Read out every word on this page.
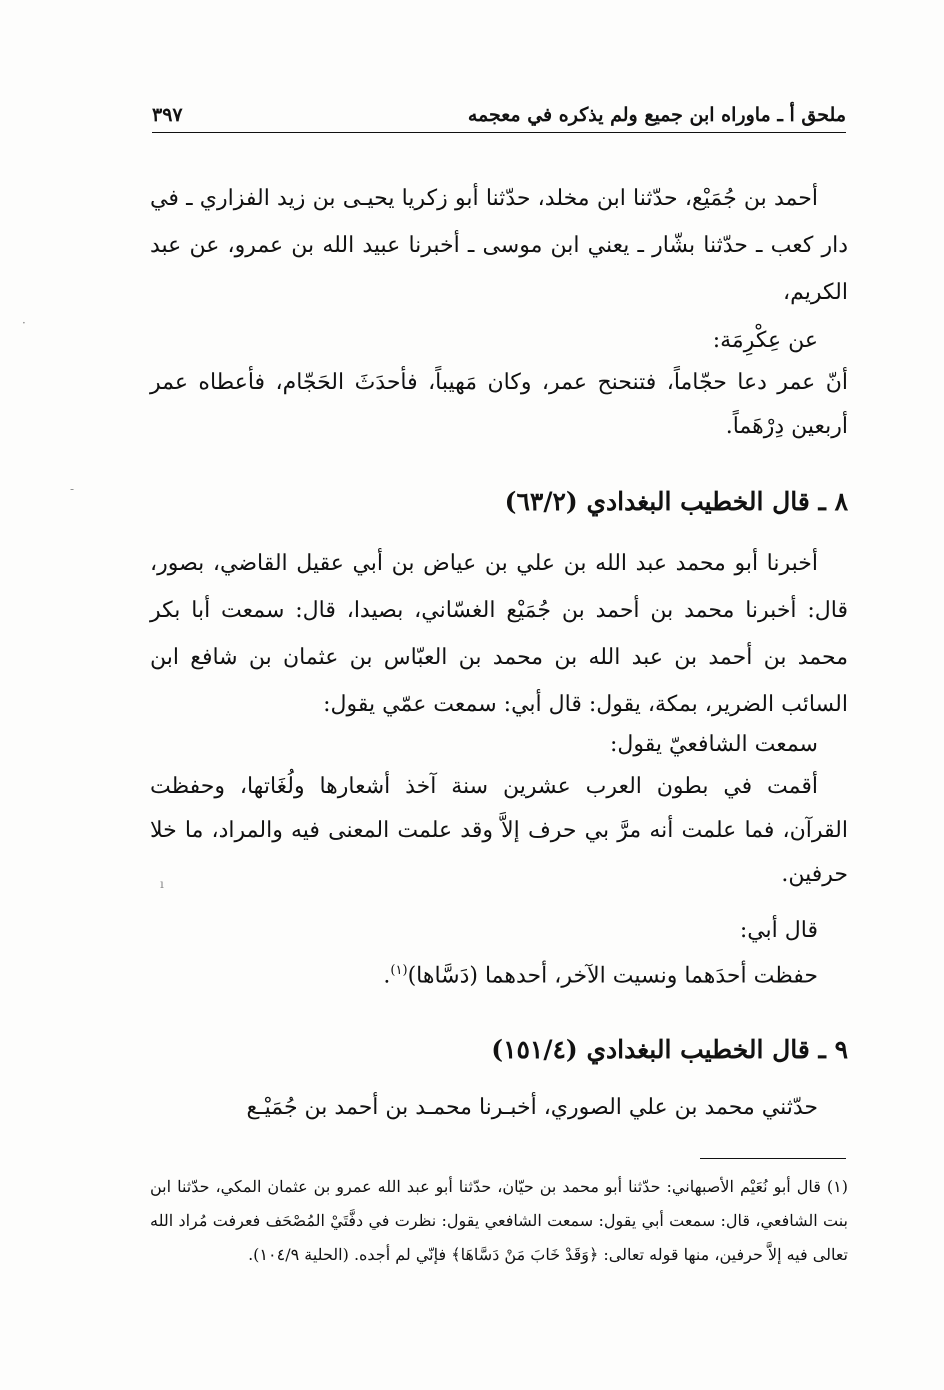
ملحق أ ـ ماوراه ابن جميع ولم يذكره في معجمه
٣٩٧

أحمد بن جُمَيْع، حدّثنا ابن مخلد، حدّثنا أبو زكريا يحيـى بن زيد الفزاري ـ في دار كعب ـ حدّثنا بشّار ـ يعني ابن موسى ـ أخبرنا عبيد الله بن عمرو، عن عبد الكريم،

عن عِكْرِمَة:

أنّ عمر دعا حجّاماً، فتنحنح عمر، وكان مَهيباً، فأحدَثَ الحَجّام، فأعطاه عمر أربعين دِرْهَماً.

٨ ـ قال الخطيب البغدادي (٦٣/٢)

أخبرنا أبو محمد عبد الله بن علي بن عياض بن أبي عقيل القاضي، بصور، قال: أخبرنا محمد بن أحمد بن جُمَيْع الغسّاني، بصيدا، قال: سمعت أبا بكر محمد بن أحمد بن عبد الله بن محمد بن العبّاس بن عثمان بن شافع ابن السائب الضرير، بمكة، يقول: قال أبي: سمعت عمّي يقول:

سمعت الشافعيّ يقول:

أقمت في بطون العرب عشرين سنة آخذ أشعارها ولُغَاتها، وحفظت القرآن، فما علمت أنه مرَّ بي حرف إلاَّ وقد علمت المعنى فيه والمراد، ما خلا حرفين.

قال أبي:

حفظت أحدَهما ونسيت الآخر، أحدهما (دَسَّاها)$^{(١)}$.

٩ ـ قال الخطيب البغدادي (١٥١/٤)

حدّثني محمد بن علي الصوري، أخبـرنا محمـد بن أحمد بن جُمَيْـع

(١)قال أبو نُعَيْم الأصبهاني: حدّثنا أبو محمد بن حيّان، حدّثنا أبو عبد الله عمرو بن عثمان المكي، حدّثنا ابن بنت الشافعي، قال: سمعت أبي يقول: سمعت الشافعي يقول: نظرت في دفَّتَيْ المُصْحَف فعرفت مُراد الله تعالى فيه إلاَّ حرفين، منها قوله تعالى: ﴿وَقَدْ خَابَ مَنْ دَسَّاهَا﴾ فإنّي لم أجده. (الحلية ١٠٤/٩).
·
-
ı
